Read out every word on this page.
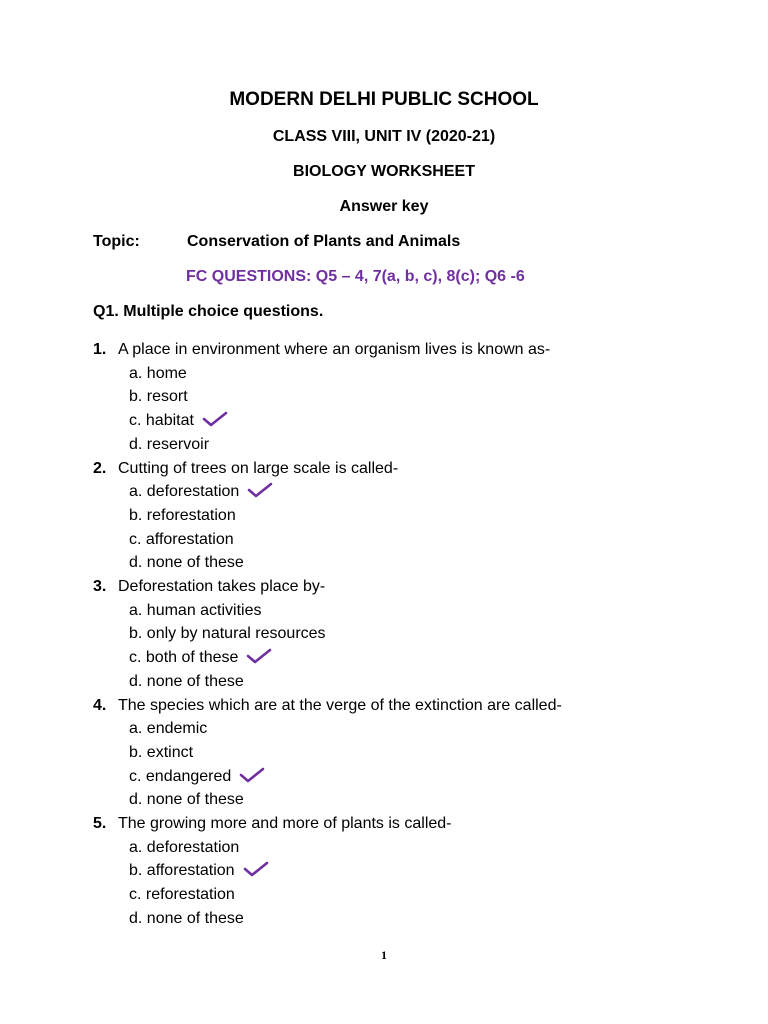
MODERN DELHI PUBLIC SCHOOL
CLASS VIII, UNIT IV (2020-21)
BIOLOGY WORKSHEET
Answer key
Topic:	Conservation of Plants and Animals
FC QUESTIONS: Q5 – 4, 7(a, b, c), 8(c); Q6 -6
Q1. Multiple choice questions.
1. A place in environment where an organism lives is known as-
a. home
b. resort
c. habitat
d. reservoir
2. Cutting of trees on large scale is called-
a. deforestation
b. reforestation
c. afforestation
d. none of these
3. Deforestation takes place by-
a. human activities
b. only by natural resources
c. both of these
d. none of these
4. The species which are at the verge of the extinction are called-
a. endemic
b. extinct
c. endangered
d. none of these
5. The growing more and more of plants is called-
a. deforestation
b. afforestation
c. reforestation
d. none of these
1
